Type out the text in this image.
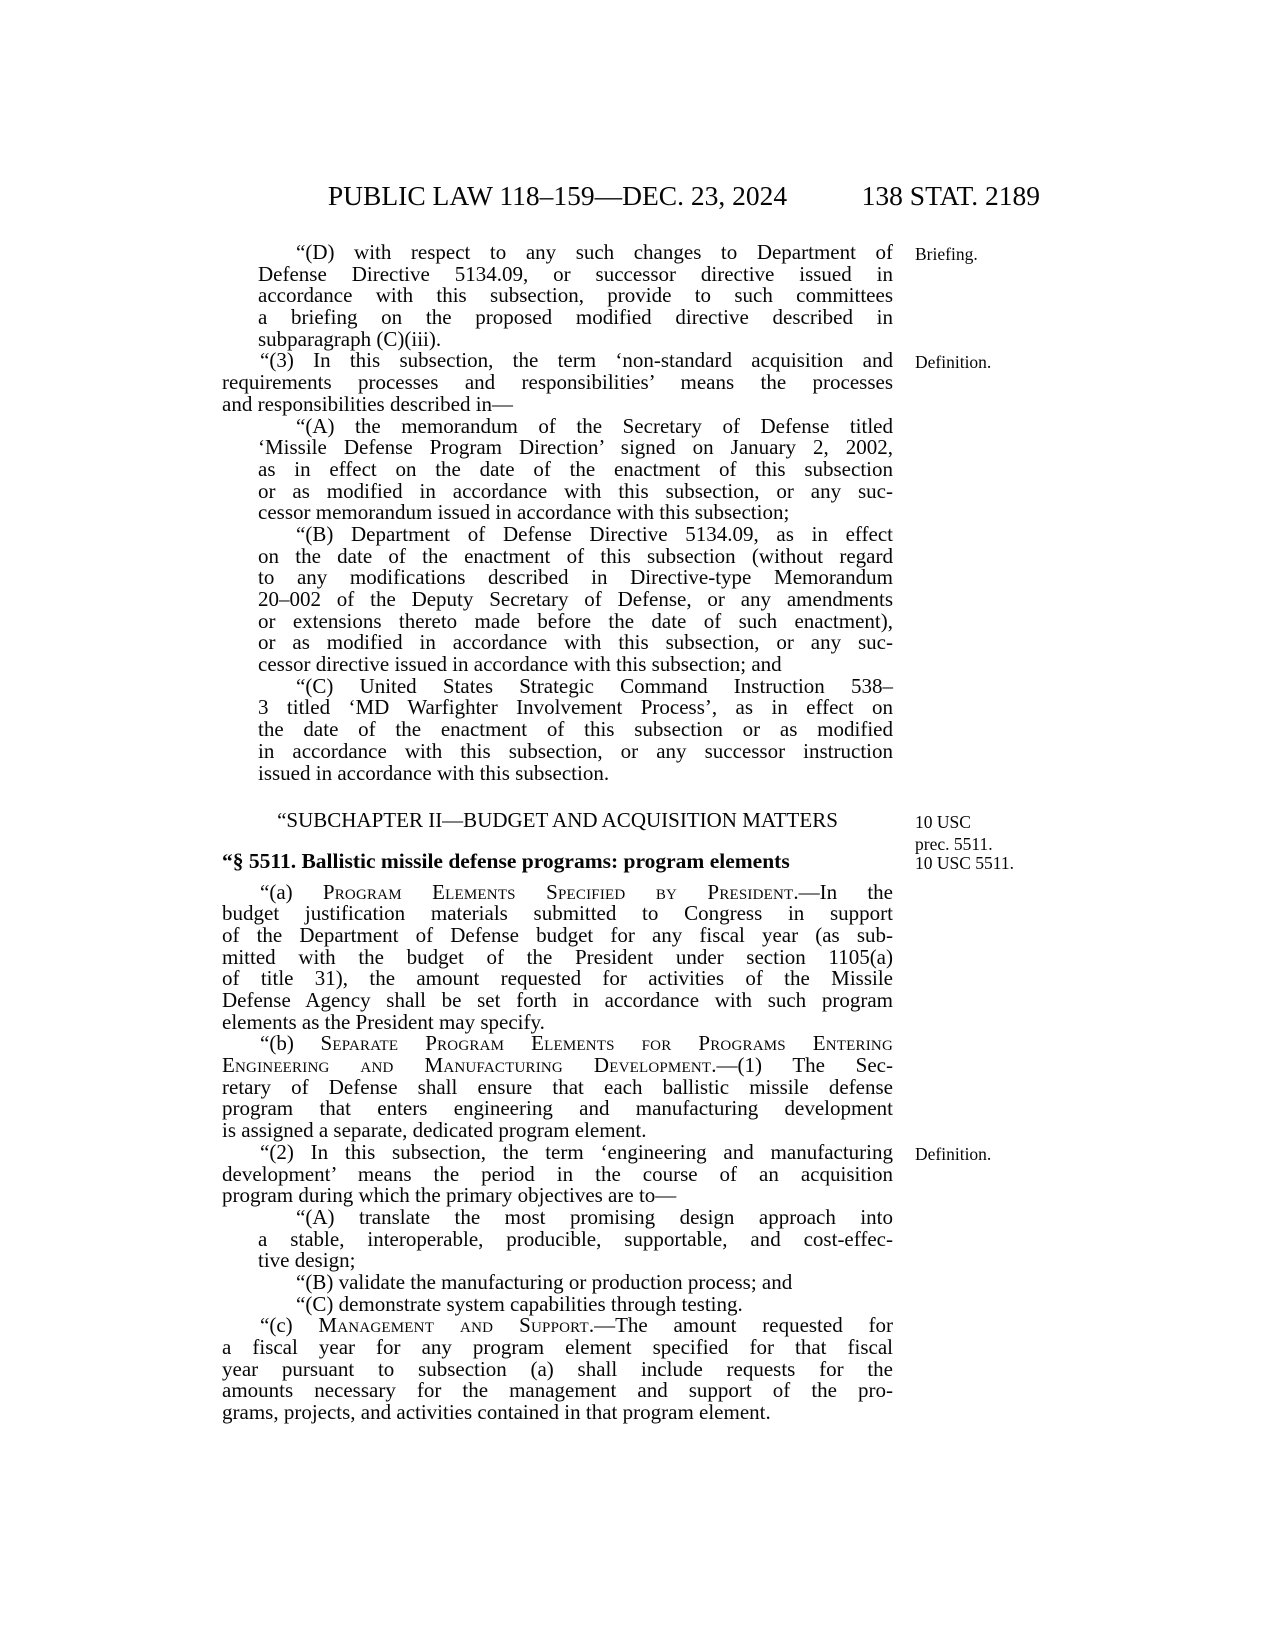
PUBLIC LAW 118–159—DEC. 23, 2024	138 STAT. 2189
“(D) with respect to any such changes to Department of
Defense Directive 5134.09, or successor directive issued in
accordance with this subsection, provide to such committees
a briefing on the proposed modified directive described in
subparagraph (C)(iii).
Briefing.
“(3) In this subsection, the term ‘non-standard acquisition and
requirements processes and responsibilities’ means the processes
and responsibilities described in—
Definition.
“(A) the memorandum of the Secretary of Defense titled
‘Missile Defense Program Direction’ signed on January 2, 2002,
as in effect on the date of the enactment of this subsection
or as modified in accordance with this subsection, or any suc-
cessor memorandum issued in accordance with this subsection;
“(B) Department of Defense Directive 5134.09, as in effect
on the date of the enactment of this subsection (without regard
to any modifications described in Directive-type Memorandum
20–002 of the Deputy Secretary of Defense, or any amendments
or extensions thereto made before the date of such enactment),
or as modified in accordance with this subsection, or any suc-
cessor directive issued in accordance with this subsection; and
“(C) United States Strategic Command Instruction 538–
3 titled ‘MD Warfighter Involvement Process’, as in effect on
the date of the enactment of this subsection or as modified
in accordance with this subsection, or any successor instruction
issued in accordance with this subsection.
“SUBCHAPTER II—BUDGET AND ACQUISITION MATTERS	10 USC
prec. 5511.
“§ 5511. Ballistic missile defense programs: program elements	10 USC 5511.
“(a) Program Elements Specified by President.—In the
budget justification materials submitted to Congress in support
of the Department of Defense budget for any fiscal year (as sub-
mitted with the budget of the President under section 1105(a)
of title 31), the amount requested for activities of the Missile
Defense Agency shall be set forth in accordance with such program
elements as the President may specify.
“(b) Separate Program Elements for Programs Entering
Engineering and Manufacturing Development.—(1) The Sec-
retary of Defense shall ensure that each ballistic missile defense
program that enters engineering and manufacturing development
is assigned a separate, dedicated program element.
“(2) In this subsection, the term ‘engineering and manufacturing
development’ means the period in the course of an acquisition
program during which the primary objectives are to—
Definition.
“(A) translate the most promising design approach into
a stable, interoperable, producible, supportable, and cost-effec-
tive design;
“(B) validate the manufacturing or production process; and
“(C) demonstrate system capabilities through testing.
“(c) Management and Support.—The amount requested for
a fiscal year for any program element specified for that fiscal
year pursuant to subsection (a) shall include requests for the
amounts necessary for the management and support of the pro-
grams, projects, and activities contained in that program element.
